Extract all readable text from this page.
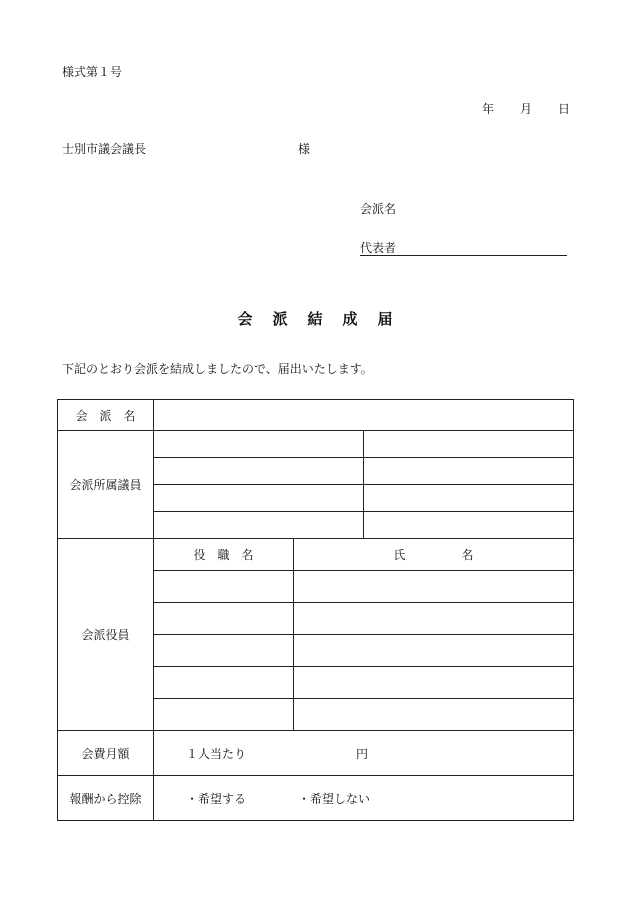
様式第１号
年 月 日
士別市議会議長	様
会派名
代表者
会派結成届
下記のとおり会派を結成しましたので、届出いたします。
会　派　名			
会派所属議員			

会派役員	役　職　名	氏 名	

会費月額	１人当たり 円		
報酬から控除	・希望する ・希望しない		
